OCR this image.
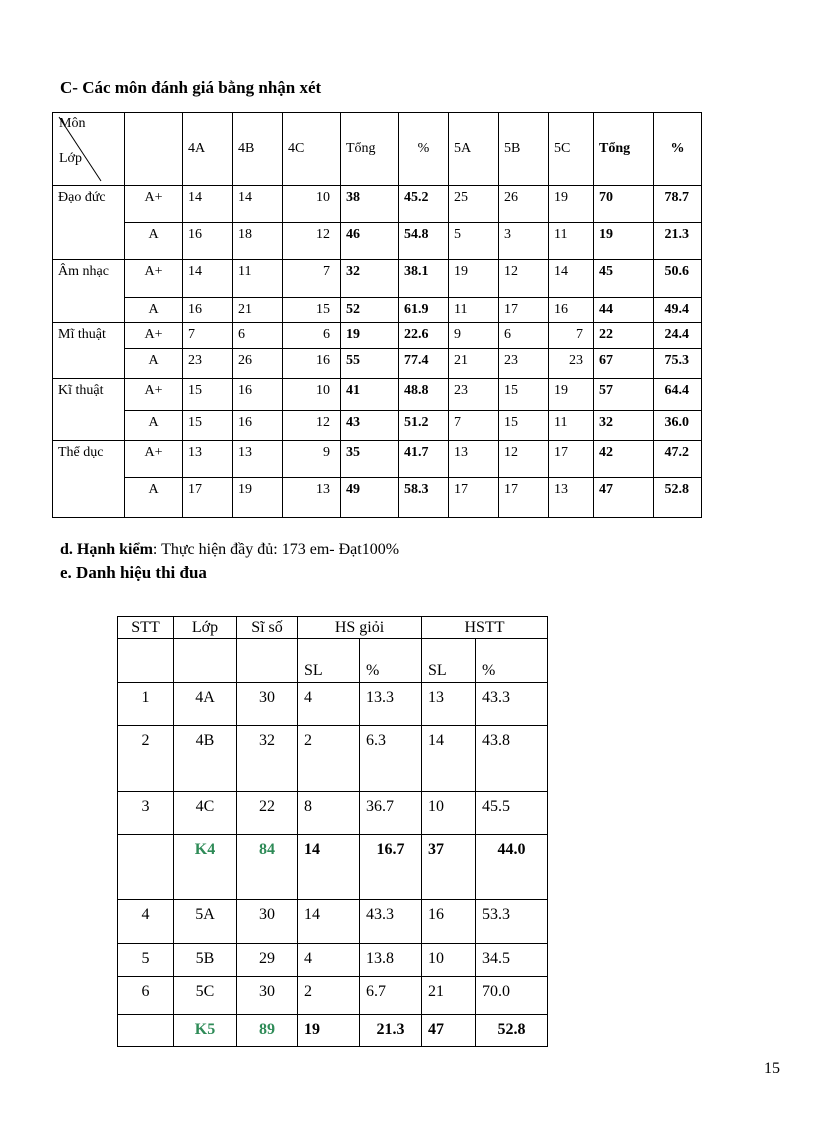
C- Các môn đánh giá bằng nhận xét
Môn
Lớp		4A	4B	4C	Tổng	%	5A	5B	5C	Tổng	%
Đạo đức	A+	14	14	10	38	45.2	25	26	19	70	78.7
	A	16	18	12	46	54.8	5	3	11	19	21.3
Âm nhạc	A+	14	11	7	32	38.1	19	12	14	45	50.6
	A	16	21	15	52	61.9	11	17	16	44	49.4
Mĩ thuật	A+	7	6	6	19	22.6	9	6	7	22	24.4
	A	23	26	16	55	77.4	21	23	23	67	75.3
Kĩ thuật	A+	15	16	10	41	48.8	23	15	19	57	64.4
	A	15	16	12	43	51.2	7	15	11	32	36.0
Thể dục	A+	13	13	9	35	41.7	13	12	17	42	47.2
	A	17	19	13	49	58.3	17	17	13	47	52.8
d. Hạnh kiểm: Thực hiện đầy đủ: 173 em- Đạt100%
e. Danh hiệu thi đua
STT	Lớp	Sĩ số	HS giỏi		HSTT	
			SL	%	SL	%
1	4A	30	4	13.3	13	43.3
2	4B	32	2	6.3	14	43.8
3	4C	22	8	36.7	10	45.5
	K4	84	14	16.7	37	44.0
4	5A	30	14	43.3	16	53.3
5	5B	29	4	13.8	10	34.5
6	5C	30	2	6.7	21	70.0
	K5	89	19	21.3	47	52.8
15
